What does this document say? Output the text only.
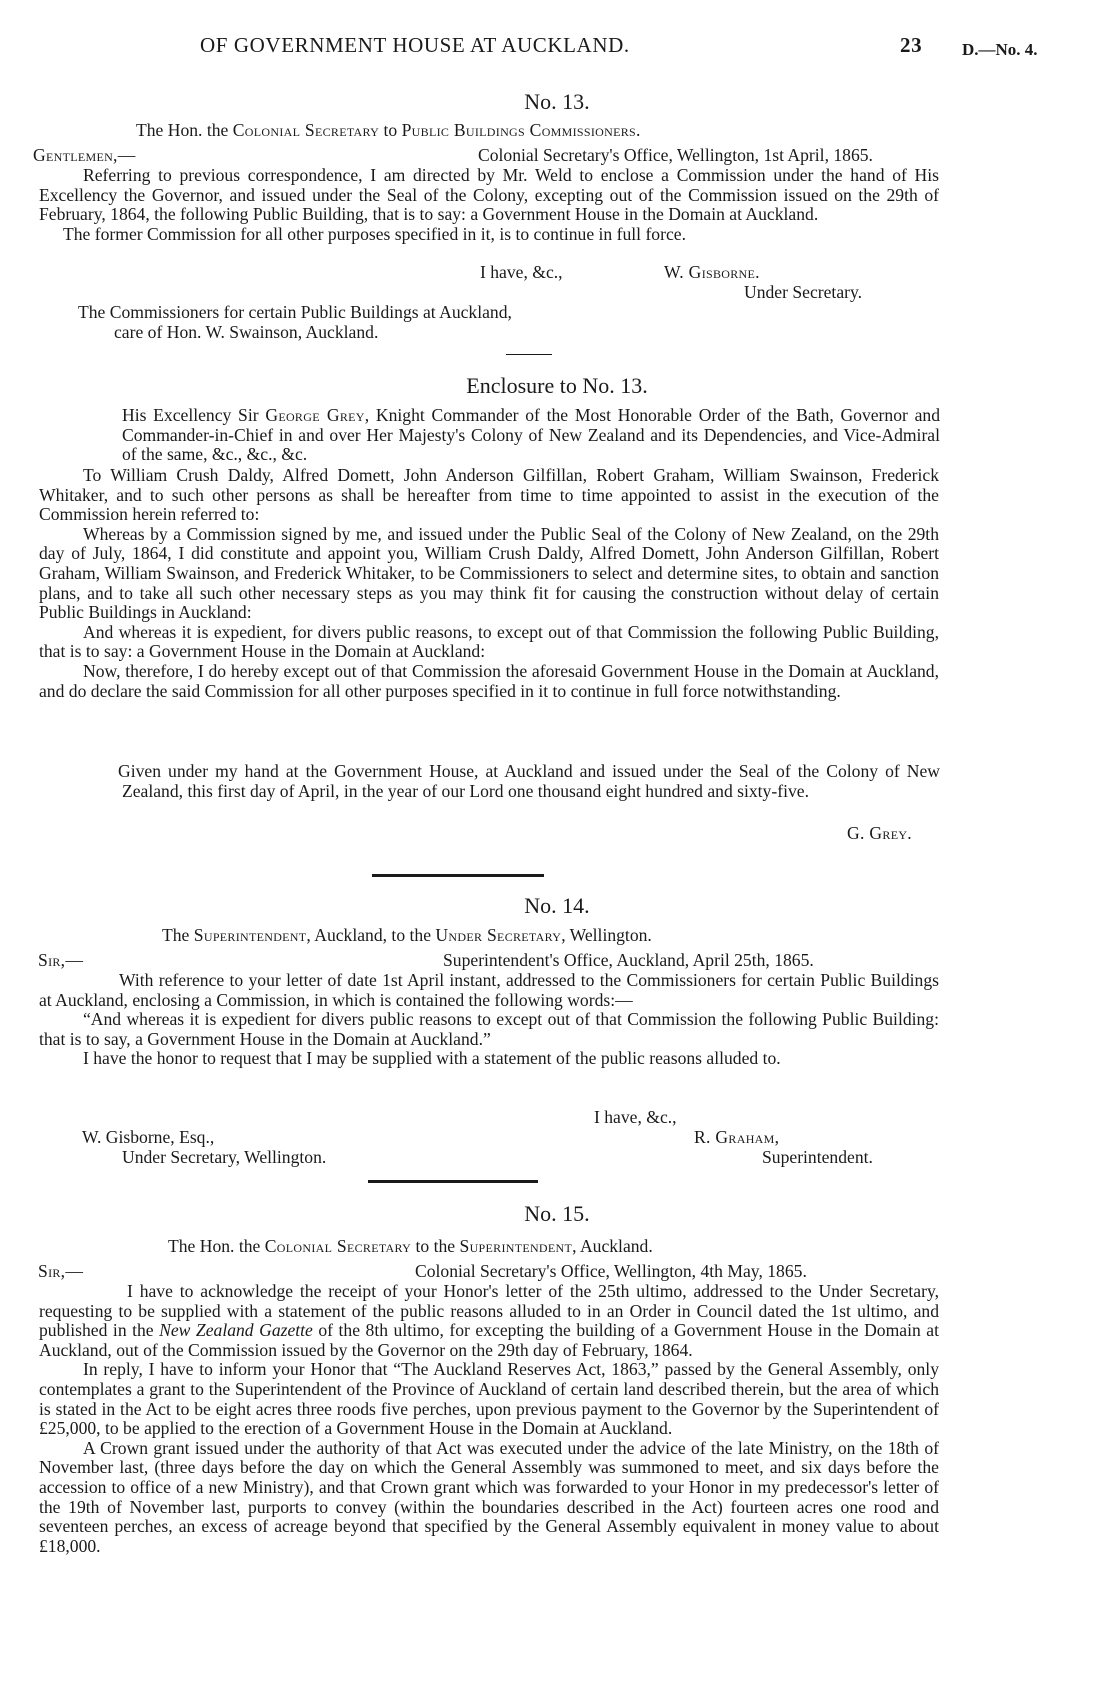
OF GOVERNMENT HOUSE AT AUCKLAND.	23 D.—No. 4.
No. 13.
The Hon. the Colonial Secretary to Public Buildings Commissioners.
Gentlemen,—	Colonial Secretary's Office, Wellington, 1st April, 1865.

Referring to previous correspondence, I am directed by Mr. Weld to enclose a Commission under the hand of His Excellency the Governor, and issued under the Seal of the Colony, excepting out of the Commission issued on the 29th of February, 1864, the following Public Building, that is to say: a Government House in the Domain at Auckland.

The former Commission for all other purposes specified in it, is to continue in full force.

I have, &c.,	W. Gisborne.
Under Secretary.
The Commissioners for certain Public Buildings at Auckland,
care of Hon. W. Swainson, Auckland.
Enclosure to No. 13.
His Excellency Sir George Grey, Knight Commander of the Most Honorable Order of the Bath, Governor and Commander-in-Chief in and over Her Majesty's Colony of New Zealand and its Dependencies, and Vice-Admiral of the same, &c., &c., &c.

To William Crush Daldy, Alfred Domett, John Anderson Gilfillan, Robert Graham, William Swainson, Frederick Whitaker, and to such other persons as shall be hereafter from time to time appointed to assist in the execution of the Commission herein referred to:

Whereas by a Commission signed by me, and issued under the Public Seal of the Colony of New Zealand, on the 29th day of July, 1864, I did constitute and appoint you, William Crush Daldy, Alfred Domett, John Anderson Gilfillan, Robert Graham, William Swainson, and Frederick Whitaker, to be Commissioners to select and determine sites, to obtain and sanction plans, and to take all such other necessary steps as you may think fit for causing the construction without delay of certain Public Buildings in Auckland:

And whereas it is expedient, for divers public reasons, to except out of that Commission the following Public Building, that is to say: a Government House in the Domain at Auckland:

Now, therefore, I do hereby except out of that Commission the aforesaid Government House in the Domain at Auckland, and do declare the said Commission for all other purposes specified in it to continue in full force notwithstanding.

Given under my hand at the Government House, at Auckland and issued under the Seal of the Colony of New Zealand, this first day of April, in the year of our Lord one thousand eight hundred and sixty-five.
G. Grey.
No. 14.
The Superintendent, Auckland, to the Under Secretary, Wellington.
Sir,—	Superintendent's Office, Auckland, April 25th, 1865.

With reference to your letter of date 1st April instant, addressed to the Commissioners for certain Public Buildings at Auckland, enclosing a Commission, in which is contained the following words:—

“And whereas it is expedient for divers public reasons to except out of that Commission the following Public Building: that is to say, a Government House in the Domain at Auckland.”

I have the honor to request that I may be supplied with a statement of the public reasons alluded to.

I have, &c.,
W. Gisborne, Esq.,	R. Graham,
Under Secretary, Wellington.	Superintendent.
No. 15.
The Hon. the Colonial Secretary to the Superintendent, Auckland.
Sir,—	Colonial Secretary's Office, Wellington, 4th May, 1865.

I have to acknowledge the receipt of your Honor's letter of the 25th ultimo, addressed to the Under Secretary, requesting to be supplied with a statement of the public reasons alluded to in an Order in Council dated the 1st ultimo, and published in the New Zealand Gazette of the 8th ultimo, for excepting the building of a Government House in the Domain at Auckland, out of the Commission issued by the Governor on the 29th day of February, 1864.

In reply, I have to inform your Honor that “The Auckland Reserves Act, 1863,” passed by the General Assembly, only contemplates a grant to the Superintendent of the Province of Auckland of certain land described therein, but the area of which is stated in the Act to be eight acres three roods five perches, upon previous payment to the Governor by the Superintendent of £25,000, to be applied to the erection of a Government House in the Domain at Auckland.

A Crown grant issued under the authority of that Act was executed under the advice of the late Ministry, on the 18th of November last, (three days before the day on which the General Assembly was summoned to meet, and six days before the accession to office of a new Ministry), and that Crown grant which was forwarded to your Honor in my predecessor's letter of the 19th of November last, purports to convey (within the boundaries described in the Act) fourteen acres one rood and seventeen perches, an excess of acreage beyond that specified by the General Assembly equivalent in money value to about £18,000.
